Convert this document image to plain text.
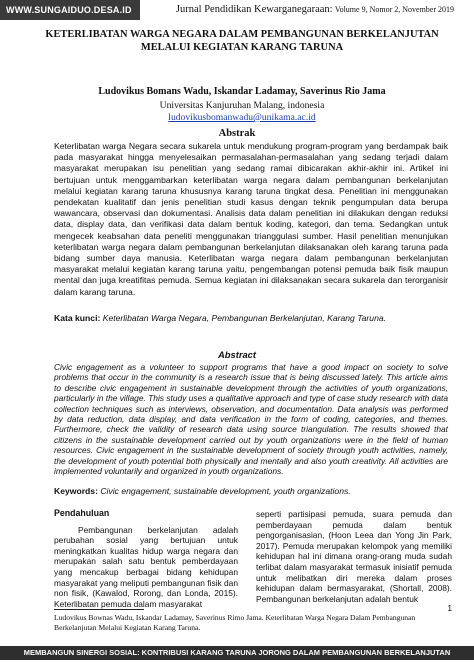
WWW.SUNGAIDUO.DESA.ID	Jurnal Pendidikan Kewarganegaraan: Volume 9, Nomor 2, November 2019
KETERLIBATAN WARGA NEGARA DALAM PEMBANGUNAN BERKELANJUTAN
MELALUI KEGIATAN KARANG TARUNA
Ludovikus Bomans Wadu, Iskandar Ladamay, Saverinus Rio Jama
Universitas Kanjuruhan Malang, indonesia
ludovikusbomanwadu@unikama.ac.id
Abstrak
Keterlibatan warga Negara secara sukarela untuk mendukung program-program yang berdampak baik pada masyarakat hingga menyelesaikan permasalahan-permasalahan yang sedang terjadi dalam masyarakat merupakan isu penelitian yang sedang ramai dibicarakan akhir-akhir ini. Artikel ini bertujuan untuk menggambarkan keterlibatan warga negara dalam pembangunan berkelanjutan melalui kegiatan karang taruna khususnya karang taruna tingkat desa. Penelitian ini menggunakan pendekatan kualitatif dan jenis penelitian studi kasus dengan teknik pengumpulan data berupa wawancara, observasi dan dokumentasi. Analisis data dalam penelitian ini dilakukan dengan reduksi data, display data, dan verifikasi data dalam bentuk koding, kategori, dan tema. Sedangkan untuk mengecek keabsahan data peneliti menggunakan trianggulasi sumber. Hasil penelitian menunjukan keterlibatan warga negara dalam pembangunan berkelanjutan dilaksanakan oleh karang taruna pada bidang sumber daya manusia. Keterlibatan warga negara dalam pembangunan berkelanjutan masyarakat melalui kegiatan karang taruna yaitu, pengembangan potensi pemuda baik fisik maupun mental dan juga kreatifitas pemuda. Semua kegiatan ini dilaksanakan secara sukarela dan terorganisir dalam karang taruna.
Kata kunci: Keterlibatan Warga Negara, Pembangunan Berkelanjutan, Karang Taruna.
Abstract
Civic engagement as a volunteer to support programs that have a good impact on society to solve problems that occur in the community is a research issue that is being discussed lately. This article aims to describe civic engagement in sustainable development through the activities of youth organizations, particularly in the village. This study uses a qualitative approach and type of case study research with data collection techniques such as interviews, observation, and documentation. Data analysis was performed by data reduction, data display, and data verification in the form of coding, categories, and themes. Furthermore, check the validity of research data using source triangulation. The results showed that citizens in the sustainable development carried out by youth organizations were in the field of human resources. Civic engagement in the sustainable development of society through youth activities, namely, the development of youth potential both physically and mentally and also youth creativity. All activities are implemented voluntarily and organized in youth organizations.
Keywords: Civic engagement, sustainable development, youth organizations.
Pendahuluan
Pembangunan berkelanjutan adalah perubahan sosial yang bertujuan untuk meningkatkan kualitas hidup warga negara dan merupakan salah satu bentuk pemberdayaan yang mencakup berbagai bidang kehidupan masyarakat yang meliputi pembangunan fisik dan non fisik, (Kawalod, Rorong, dan Londa, 2015). Keterlibatan pemuda dalam masyarakat
seperti partisipasi pemuda, suara pemuda dan pemberdayaan pemuda dalam bentuk pengorganisasian, (Hoon Leea dan Yong Jin Park, 2017). Pemuda merupakan kelompok yang memiliki kehidupan hal ini dimana orang-orang muda sudah terlibat dalam masyarakat termasuk inisiatif pemuda untuk melibatkan diri mereka dalam proses kehidupan dalam bermasyarakat, (Shortall, 2008). Pembangunan berkelanjutan adalah bentuk
1
Ludovikus Bownas Wadu, Iskandar Ladamay, Saverinus Rimo Jama. Keterlibatan Warga Negara Dalam Pembangunan Berkelanjutan Melalui Kegiatan Karang Taruna.
MEMBANGUN SINERGI SOSIAL: KONTRIBUSI KARANG TARUNA JORONG DALAM PEMBANGUNAN BERKELANJUTAN
